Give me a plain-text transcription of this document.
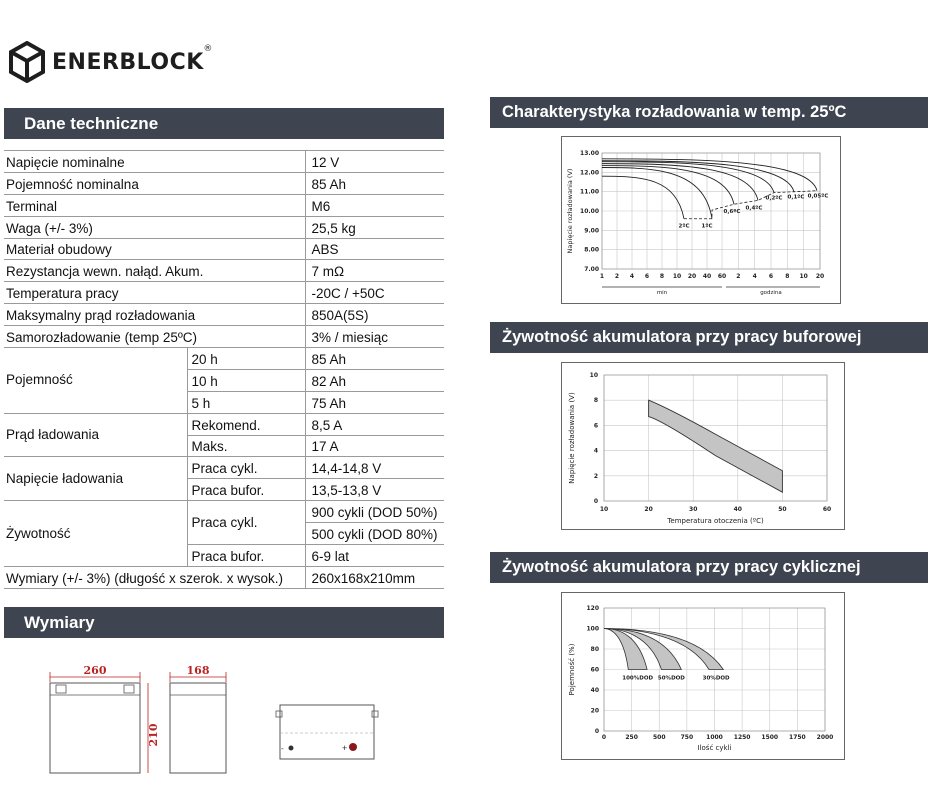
ENERBLOCK
®
Dane techniczne
Wymiary
Charakterystyka rozładowania w temp. 25ºC
Żywotność akumulatora przy pracy buforowej
Żywotność akumulatora przy pracy cyklicznej
Napięcie nominalne		12 V
Pojemność nominalna		85 Ah
Terminal		M6
Waga (+/- 3%)		25,5 kg
Materiał obudowy		ABS
Rezystancja wewn. nałąd. Akum.		7 mΩ
Temperatura pracy		-20C / +50C
Maksymalny prąd rozładowania		850A(5S)
Samorozładowanie (temp 25ºC)		3% / miesiąc
Pojemność	20 h	85 Ah
	10 h	82 Ah
	5 h	75 Ah
Prąd ładowania	Rekomend.	8,5 A
	Maks.	17 A
Napięcie ładowania	Praca cykl.	14,4-14,8 V
	Praca bufor.	13,5-13,8 V
Żywotność	Praca cykl.	900 cykli (DOD 50%)
		500 cykli (DOD 80%)
	Praca bufor.	6-9 lat
Wymiary (+/- 3%) (długość x szerok. x wysok.)		260x168x210mm
13.00
12.00
11.00
10.00
9.00
8.00
7.00
1 2 4 6 8 10 20 40 60 2 4 6 8 10 20
min	godzina
Napięcie rozładowania (V)	2ºC 1ºC
0,6ºC
0,4ºC
0,2ºC 0,1ºC 0,05ºC
0
2
4
6
8
10
10	20	30	40	50	60
Temperatura otoczenia (ºC)
Napięcie rozładowania (V)
0
20
40
60
80
100
120
0	250	500	750 1000 1250 1500 1750 2000
100%DOD 50%DOD	30%DOD
Ilość cykli
Pojemność (%)
260
210
168
-	+
